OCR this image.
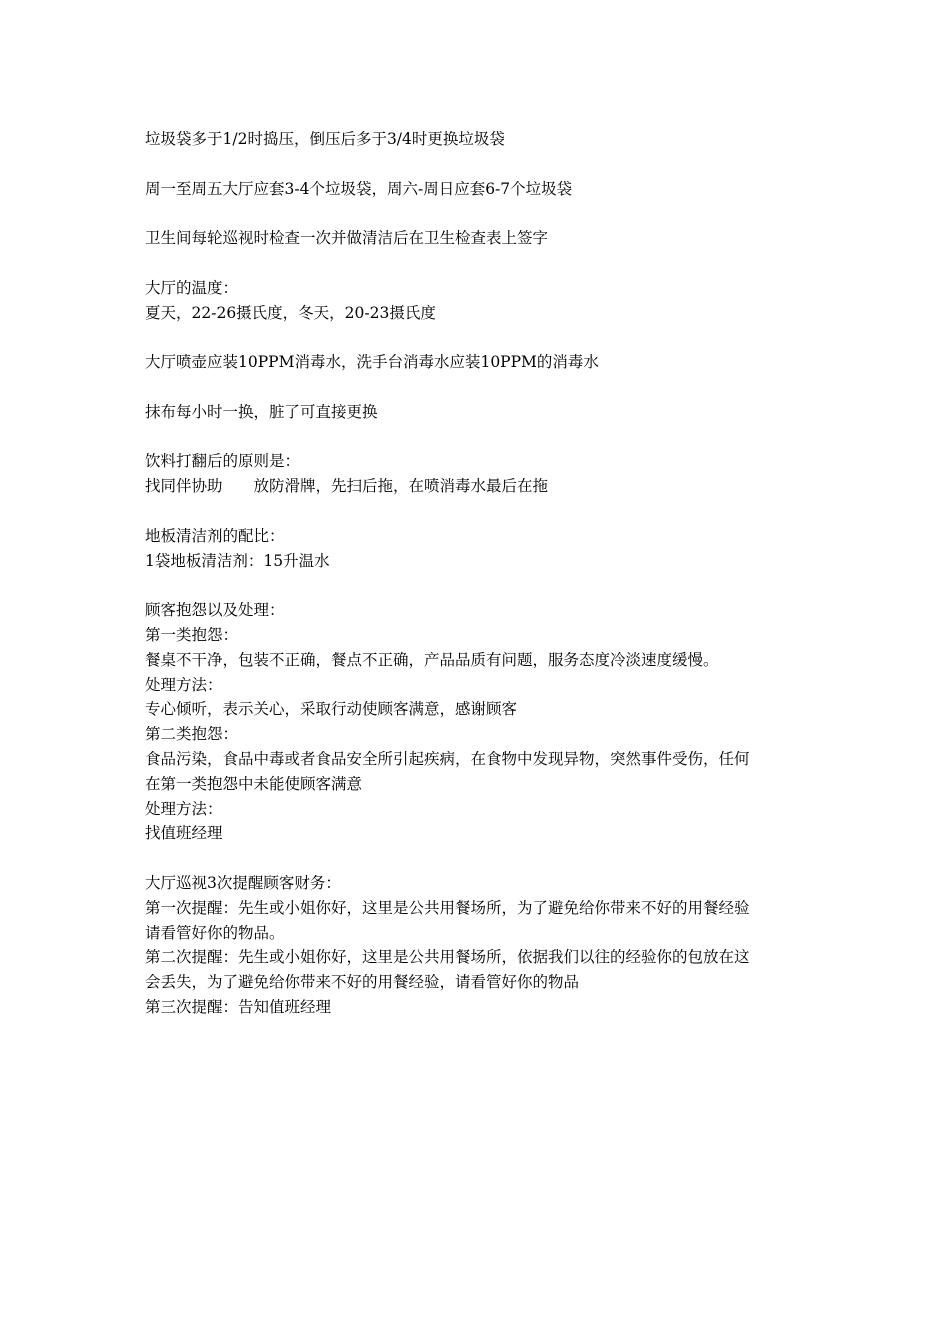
垃圾袋多于1/2时捣压，倒压后多于3/4时更换垃圾袋
周一至周五大厅应套3-4个垃圾袋，周六-周日应套6-7个垃圾袋
卫生间每轮巡视时检查一次并做清洁后在卫生检查表上签字
大厅的温度：
夏天，22-26摄氏度，冬天，20-23摄氏度
大厅喷壶应装10PPM消毒水，洗手台消毒水应装10PPM的消毒水
抹布每小时一换，脏了可直接更换
饮料打翻后的原则是：
找同伴协助　　放防滑牌，先扫后拖，在喷消毒水最后在拖
地板清洁剂的配比：
1袋地板清洁剂：15升温水
顾客抱怨以及处理：
第一类抱怨：
餐桌不干净，包装不正确，餐点不正确，产品品质有问题，服务态度冷淡速度缓慢。
处理方法：
专心倾听，表示关心，采取行动使顾客满意，感谢顾客
第二类抱怨：
食品污染，食品中毒或者食品安全所引起疾病，在食物中发现异物，突然事件受伤，任何
在第一类抱怨中未能使顾客满意
处理方法：
找值班经理
大厅巡视3次提醒顾客财务：
第一次提醒：先生或小姐你好，这里是公共用餐场所，为了避免给你带来不好的用餐经验
请看管好你的物品。
第二次提醒：先生或小姐你好，这里是公共用餐场所，依据我们以往的经验你的包放在这
会丢失，为了避免给你带来不好的用餐经验，请看管好你的物品
第三次提醒：告知值班经理
